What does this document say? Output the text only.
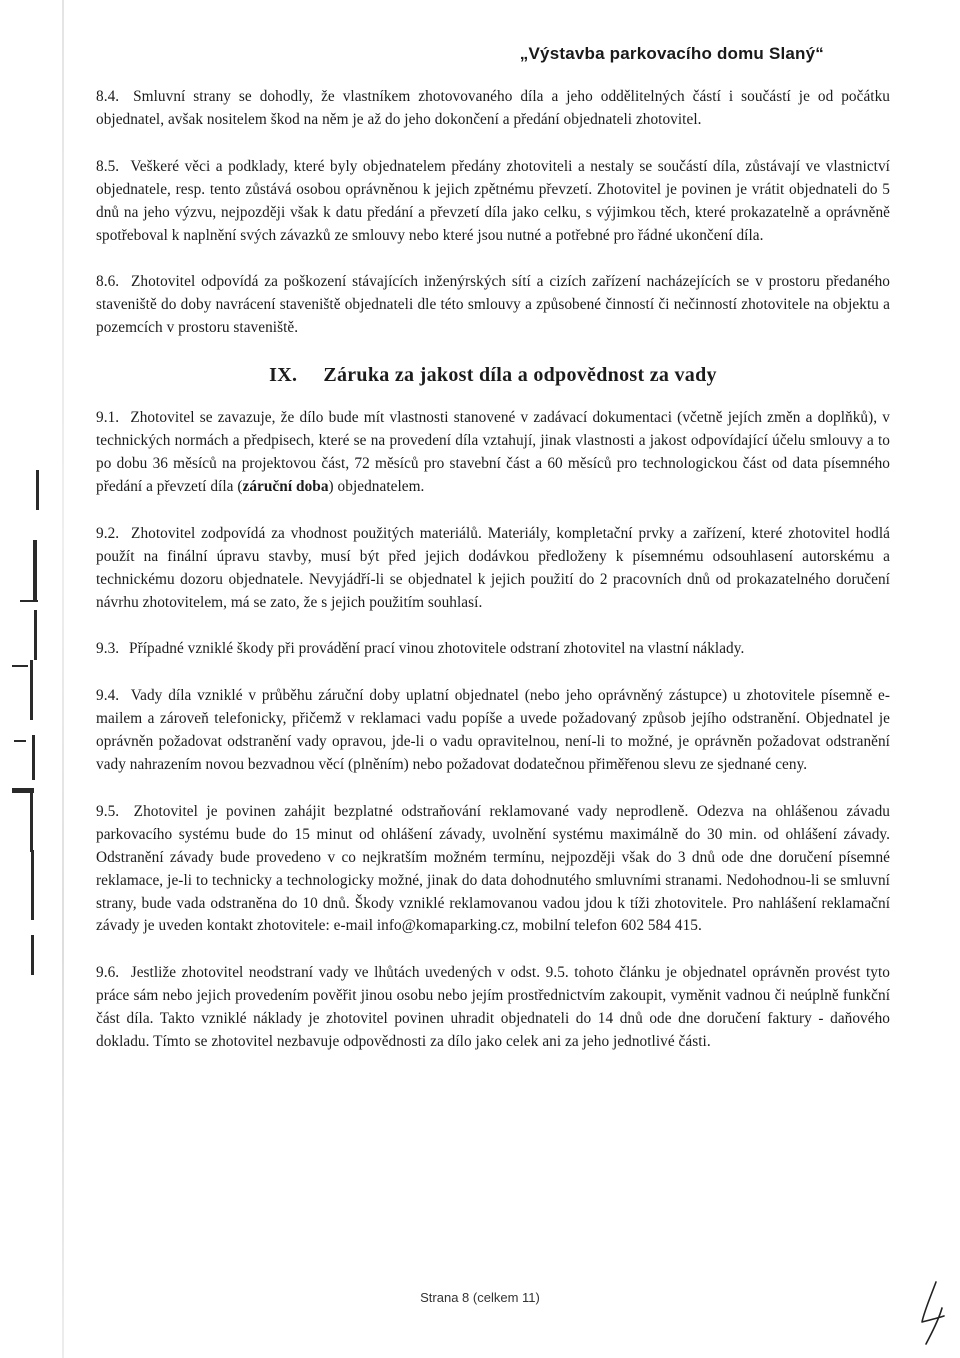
„Výstavba parkovacího domu Slaný“

8.4. Smluvní strany se dohodly, že vlastníkem zhotovovaného díla a jeho oddělitelných částí i součástí je od počátku objednatel, avšak nositelem škod na něm je až do jeho dokončení a předání objednateli zhotovitel.

8.5. Veškeré věci a podklady, které byly objednatelem předány zhotoviteli a nestaly se součástí díla, zůstávají ve vlastnictví objednatele, resp. tento zůstává osobou oprávněnou k jejich zpětnému převzetí. Zhotovitel je povinen je vrátit objednateli do 5 dnů na jeho výzvu, nejpozději však k datu předání a převzetí díla jako celku, s výjimkou těch, které prokazatelně a oprávněně spotřeboval k naplnění svých závazků ze smlouvy nebo které jsou nutné a potřebné pro řádné ukončení díla.

8.6. Zhotovitel odpovídá za poškození stávajících inženýrských sítí a cizích zařízení nacházejících se v prostoru předaného staveniště do doby navrácení staveniště objednateli dle této smlouvy a způsobené činností či nečinností zhotovitele na objektu a pozemcích v prostoru staveniště.

IX. Záruka za jakost díla a odpovědnost za vady

9.1. Zhotovitel se zavazuje, že dílo bude mít vlastnosti stanovené v zadávací dokumentaci (včetně jejích změn a doplňků), v technických normách a předpisech, které se na provedení díla vztahují, jinak vlastnosti a jakost odpovídající účelu smlouvy a to po dobu 36 měsíců na projektovou část, 72 měsíců pro stavební část a 60 měsíců pro technologickou část od data písemného předání a převzetí díla (záruční doba) objednatelem.

9.2. Zhotovitel zodpovídá za vhodnost použitých materiálů. Materiály, kompletační prvky a zařízení, které zhotovitel hodlá použít na finální úpravu stavby, musí být před jejich dodávkou předloženy k písemnému odsouhlasení autorskému a technickému dozoru objednatele. Nevyjádří-li se objednatel k jejich použití do 2 pracovních dnů od prokazatelného doručení návrhu zhotovitelem, má se zato, že s jejich použitím souhlasí.

9.3. Případné vzniklé škody při provádění prací vinou zhotovitele odstraní zhotovitel na vlastní náklady.

9.4. Vady díla vzniklé v průběhu záruční doby uplatní objednatel (nebo jeho oprávněný zástupce) u zhotovitele písemně e-mailem a zároveň telefonicky, přičemž v reklamaci vadu popíše a uvede požadovaný způsob jejího odstranění. Objednatel je oprávněn požadovat odstranění vady opravou, jde-li o vadu opravitelnou, není-li to možné, je oprávněn požadovat odstranění vady nahrazením novou bezvadnou věcí (plněním) nebo požadovat dodatečnou přiměřenou slevu ze sjednané ceny.

9.5. Zhotovitel je povinen zahájit bezplatné odstraňování reklamované vady neprodleně. Odezva na ohlášenou závadu parkovacího systému bude do 15 minut od ohlášení závady, uvolnění systému maximálně do 30 min. od ohlášení závady. Odstranění závady bude provedeno v co nejkratším možném termínu, nejpozději však do 3 dnů ode dne doručení písemné reklamace, je-li to technicky a technologicky možné, jinak do data dohodnutého smluvními stranami. Nedohodnou-li se smluvní strany, bude vada odstraněna do 10 dnů. Škody vzniklé reklamovanou vadou jdou k tíži zhotovitele. Pro nahlášení reklamační závady je uveden kontakt zhotovitele: e-mail info@komaparking.cz, mobilní telefon 602 584 415.

9.6. Jestliže zhotovitel neodstraní vady ve lhůtách uvedených v odst. 9.5. tohoto článku je objednatel oprávněn provést tyto práce sám nebo jejich provedením pověřit jinou osobu nebo jejím prostřednictvím zakoupit, vyměnit vadnou či neúplně funkční část díla. Takto vzniklé náklady je zhotovitel povinen uhradit objednateli do 14 dnů ode dne doručení faktury - daňového dokladu. Tímto se zhotovitel nezbavuje odpovědnosti za dílo jako celek ani za jeho jednotlivé části.

Strana 8 (celkem 11)
